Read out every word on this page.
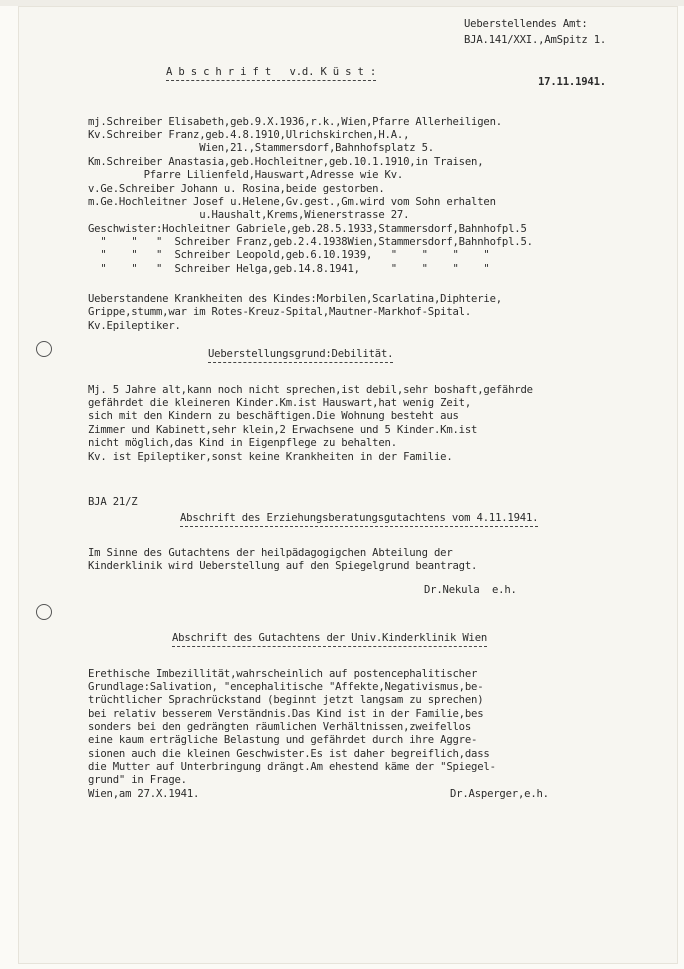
Ueberstellendes Amt:
BJA.141/XXI.,AmSpitz 1.
A b s c h r i f t   v.d. K ü s t :
17.11.1941.
mj.Schreiber Elisabeth,geb.9.X.1936,r.k.,Wien,Pfarre Allerheiligen.
Kv.Schreiber Franz,geb.4.8.1910,Ulrichskirchen,H.A.,
Wien,21.,Stammersdorf,Bahnhofsplatz 5.
Km.Schreiber Anastasia,geb.Hochleitner,geb.10.1.1910,in Traisen,
Pfarre Lilienfeld,Hauswart,Adresse wie Kv.
v.Ge.Schreiber Johann u. Rosina,beide gestorben.
m.Ge.Hochleitner Josef u.Helene,Gv.gest.,Gm.wird vom Sohn erhalten
u.Haushalt,Krems,Wienerstrasse 27.
Geschwister:Hochleitner Gabriele,geb.28.5.1933,Stammersdorf,Bahnhofpl.5
"    "   "  Schreiber Franz,geb.2.4.1938Wien,Stammersdorf,Bahnhofpl.5.
"    "   "  Schreiber Leopold,geb.6.10.1939,   "    "    "    "
"    "   "  Schreiber Helga,geb.14.8.1941,     "    "    "    "
Ueberstandene Krankheiten des Kindes:Morbilen,Scarlatina,Diphterie,
Grippe,stumm,war im Rotes-Kreuz-Spital,Mautner-Markhof-Spital.
Kv.Epileptiker.
Ueberstellungsgrund:Debilität.
Mj. 5 Jahre alt,kann noch nicht sprechen,ist debil,sehr boshaft,gefährde
gefährdet die kleineren Kinder.Km.ist Hauswart,hat wenig Zeit,
sich mit den Kindern zu beschäftigen.Die Wohnung besteht aus
Zimmer und Kabinett,sehr klein,2 Erwachsene und 5 Kinder.Km.ist
nicht möglich,das Kind in Eigenpflege zu behalten.
Kv. ist Epileptiker,sonst keine Krankheiten in der Familie.
BJA 21/Z
Abschrift des Erziehungsberatungsgutachtens vom 4.11.1941.
Im Sinne des Gutachtens der heilpädagogigchen Abteilung der
Kinderklinik wird Ueberstellung auf den Spiegelgrund beantragt.
Dr.Nekula  e.h.
Abschrift des Gutachtens der Univ.Kinderklinik Wien
Erethische Imbezillität,wahrscheinlich auf postencephalitischer
Grundlage:Salivation, "encephalitische "Affekte,Negativismus,be-
trüchtlicher Sprachrückstand (beginnt jetzt langsam zu sprechen)
bei relativ besserem Verständnis.Das Kind ist in der Familie,bes
sonders bei den gedrängten räumlichen Verhältnissen,zweifellos
eine kaum erträgliche Belastung und gefährdet durch ihre Aggre-
sionen auch die kleinen Geschwister.Es ist daher begreiflich,dass
die Mutter auf Unterbringung drängt.Am ehestend käme der "Spiegel-
grund" in Frage.
Wien,am 27.X.1941.	Dr.Asperger,e.h.
